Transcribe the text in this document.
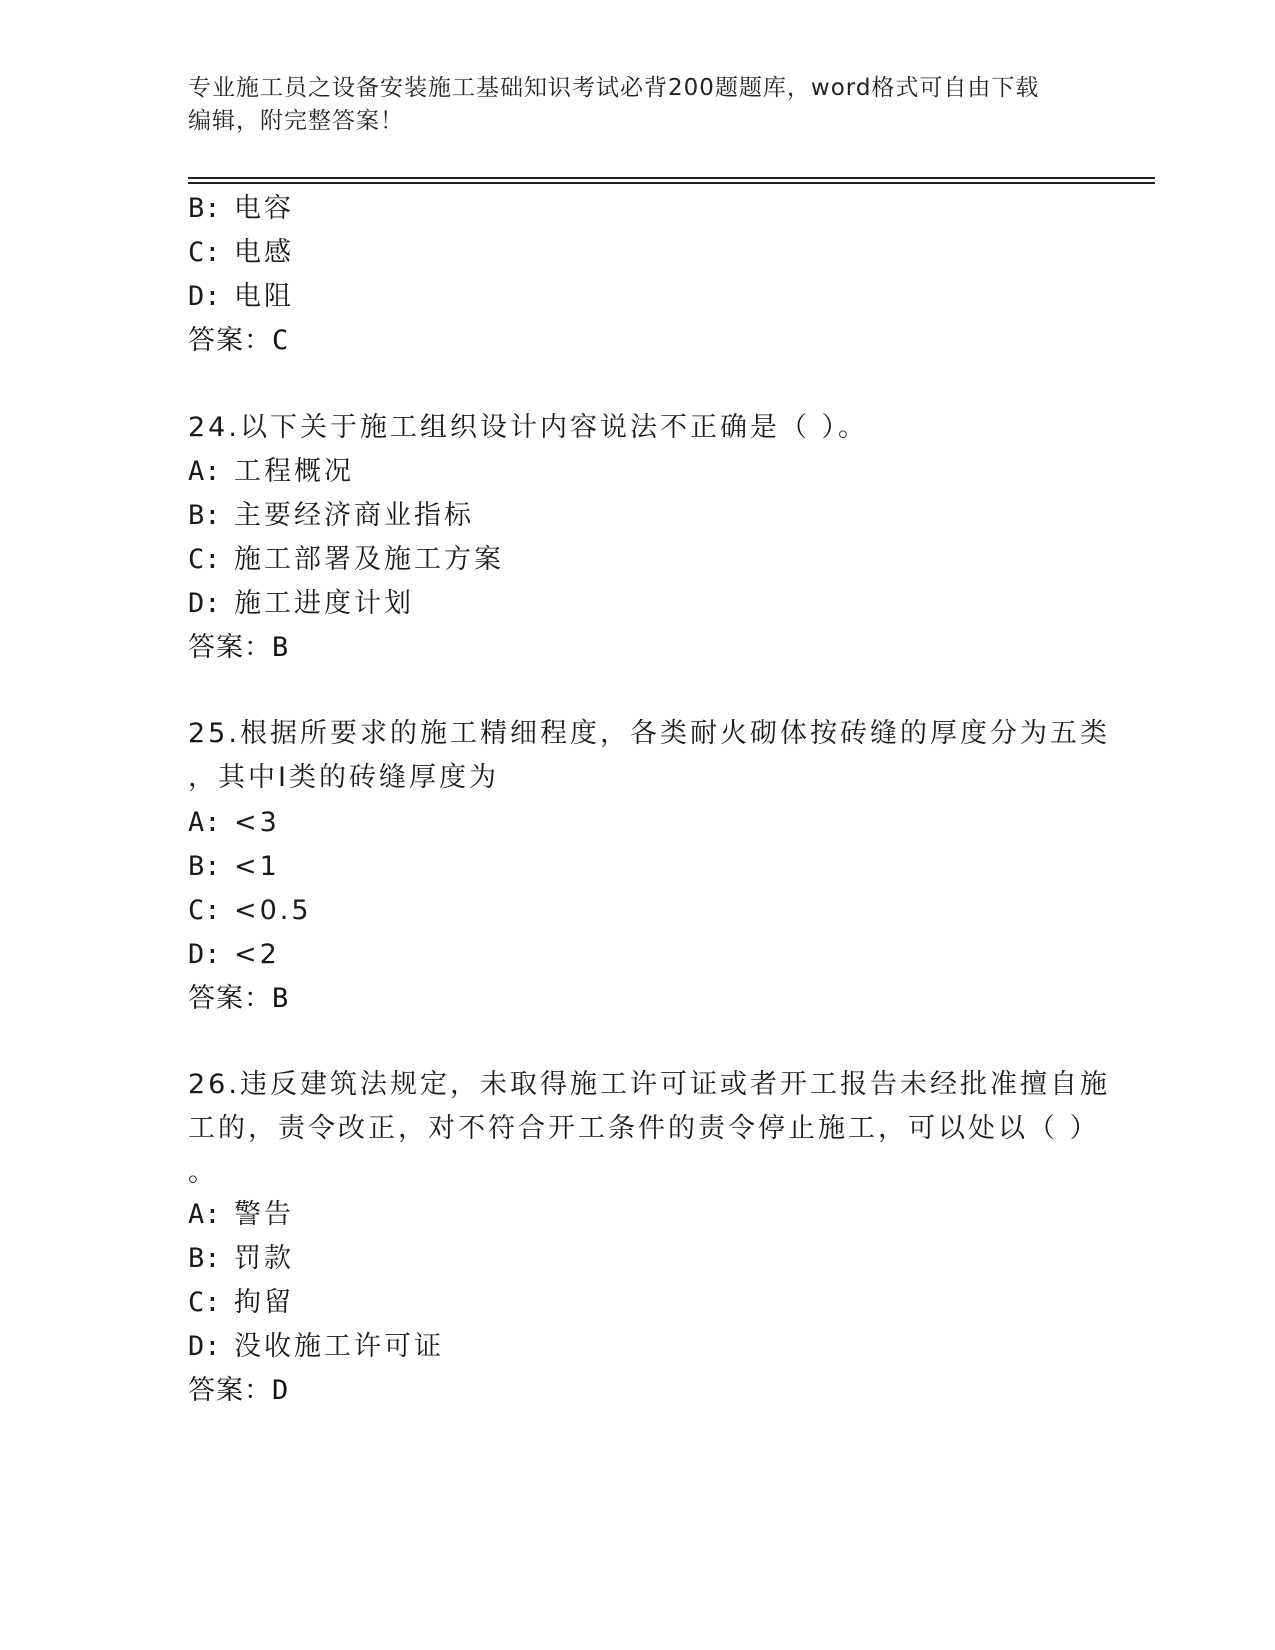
专业施工员之设备安装施工基础知识考试必背200题题库，word格式可自由下载
编辑，附完整答案！
B: 电容
C: 电感
D: 电阻
答案：C
24.以下关于施工组织设计内容说法不正确是（ ）。
A: 工程概况
B: 主要经济商业指标
C: 施工部署及施工方案
D: 施工进度计划
答案：B
25.根据所要求的施工精细程度，各类耐火砌体按砖缝的厚度分为五类
，其中Ⅰ类的砖缝厚度为
A: <3
B: <1
C: <0.5
D: <2
答案：B
26.违反建筑法规定，未取得施工许可证或者开工报告未经批准擅自施
工的，责令改正，对不符合开工条件的责令停止施工，可以处以（ ）
。
A: 警告
B: 罚款
C: 拘留
D: 没收施工许可证
答案：D
